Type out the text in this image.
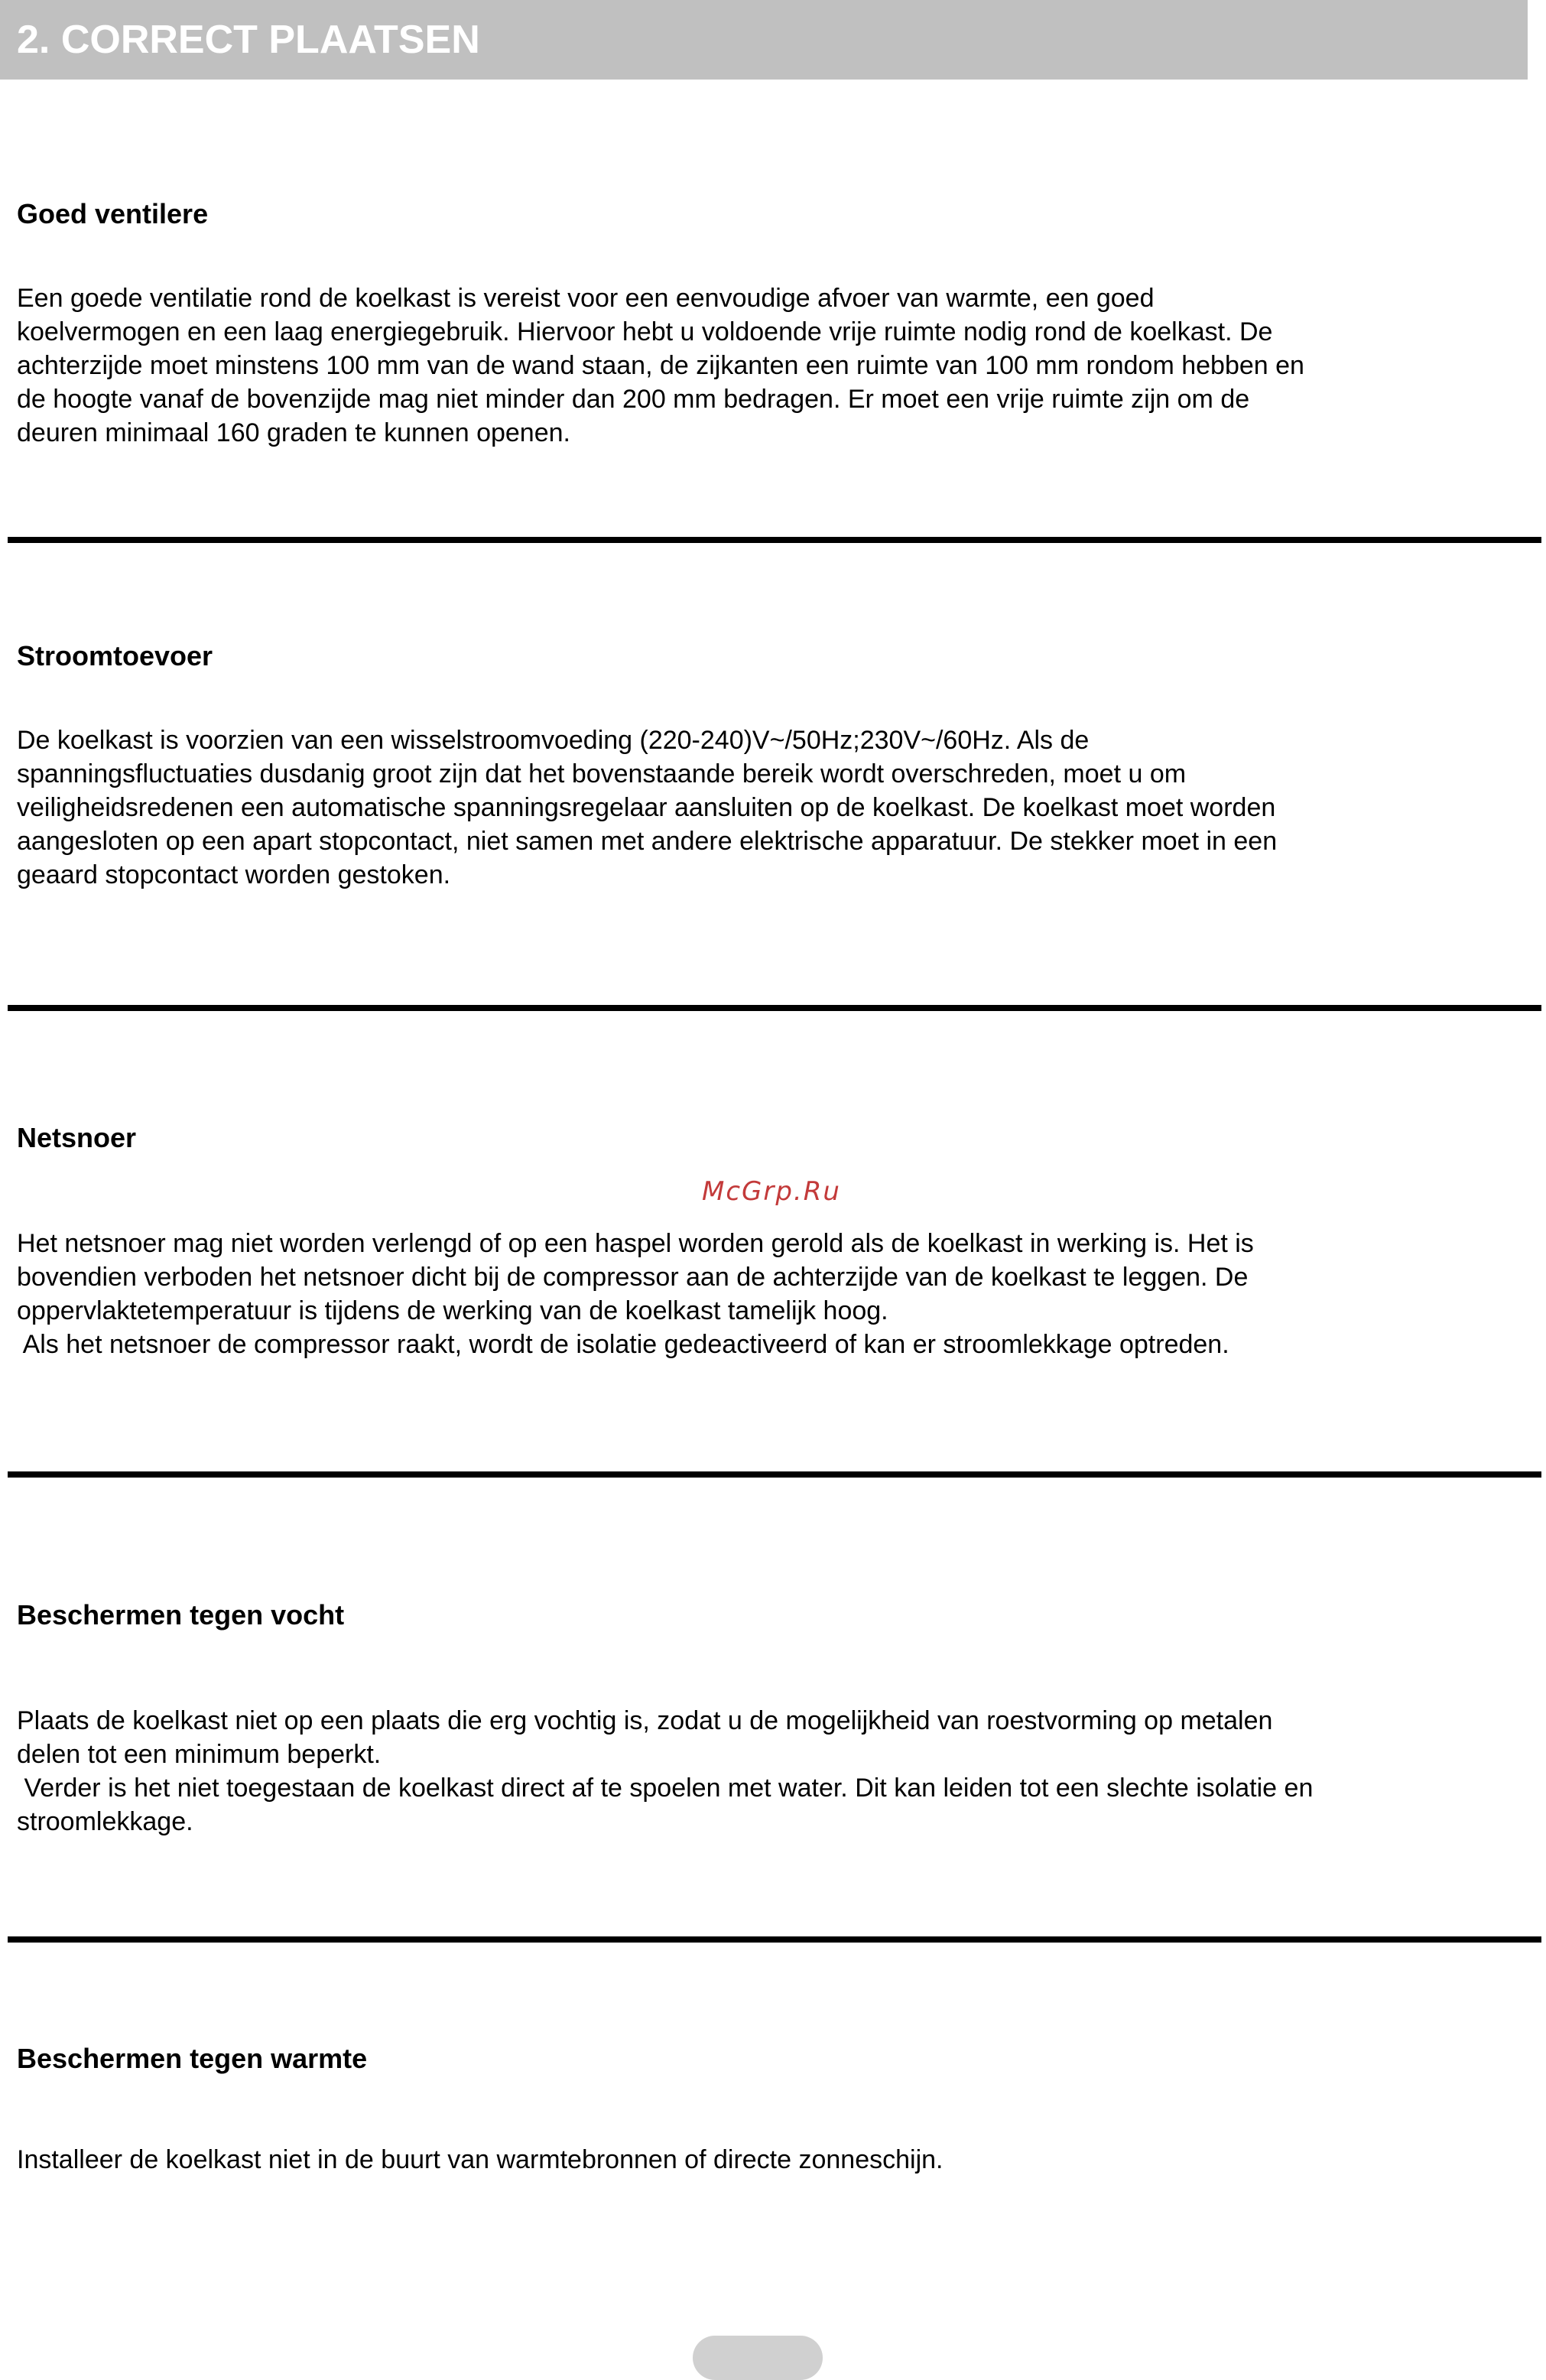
2. CORRECT PLAATSEN
Goed ventilere
Een goede ventilatie rond de koelkast is vereist voor een eenvoudige afvoer van warmte, een goed
koelvermogen en een laag energiegebruik. Hiervoor hebt u voldoende vrije ruimte nodig rond de koelkast. De
achterzijde moet minstens 100 mm van de wand staan, de zijkanten een ruimte van 100 mm rondom hebben en
de hoogte vanaf de bovenzijde mag niet minder dan 200 mm bedragen. Er moet een vrije ruimte zijn om de
deuren minimaal 160 graden te kunnen openen.
Stroomtoevoer
De koelkast is voorzien van een wisselstroomvoeding (220-240)V~/50Hz;230V~/60Hz. Als de
spanningsfluctuaties dusdanig groot zijn dat het bovenstaande bereik wordt overschreden, moet u om
veiligheidsredenen een automatische spanningsregelaar aansluiten op de koelkast. De koelkast moet worden
aangesloten op een apart stopcontact, niet samen met andere elektrische apparatuur. De stekker moet in een
geaard stopcontact worden gestoken.
Netsnoer
McGrp.Ru
Het netsnoer mag niet worden verlengd of op een haspel worden gerold als de koelkast in werking is. Het is
bovendien verboden het netsnoer dicht bij de compressor aan de achterzijde van de koelkast te leggen. De
oppervlaktetemperatuur is tijdens de werking van de koelkast tamelijk hoog.
Als het netsnoer de compressor raakt, wordt de isolatie gedeactiveerd of kan er stroomlekkage optreden.
Beschermen tegen vocht
Plaats de koelkast niet op een plaats die erg vochtig is, zodat u de mogelijkheid van roestvorming op metalen
delen tot een minimum beperkt.
Verder is het niet toegestaan de koelkast direct af te spoelen met water. Dit kan leiden tot een slechte isolatie en
stroomlekkage.
Beschermen tegen warmte
Installeer de koelkast niet in de buurt van warmtebronnen of directe zonneschijn.
